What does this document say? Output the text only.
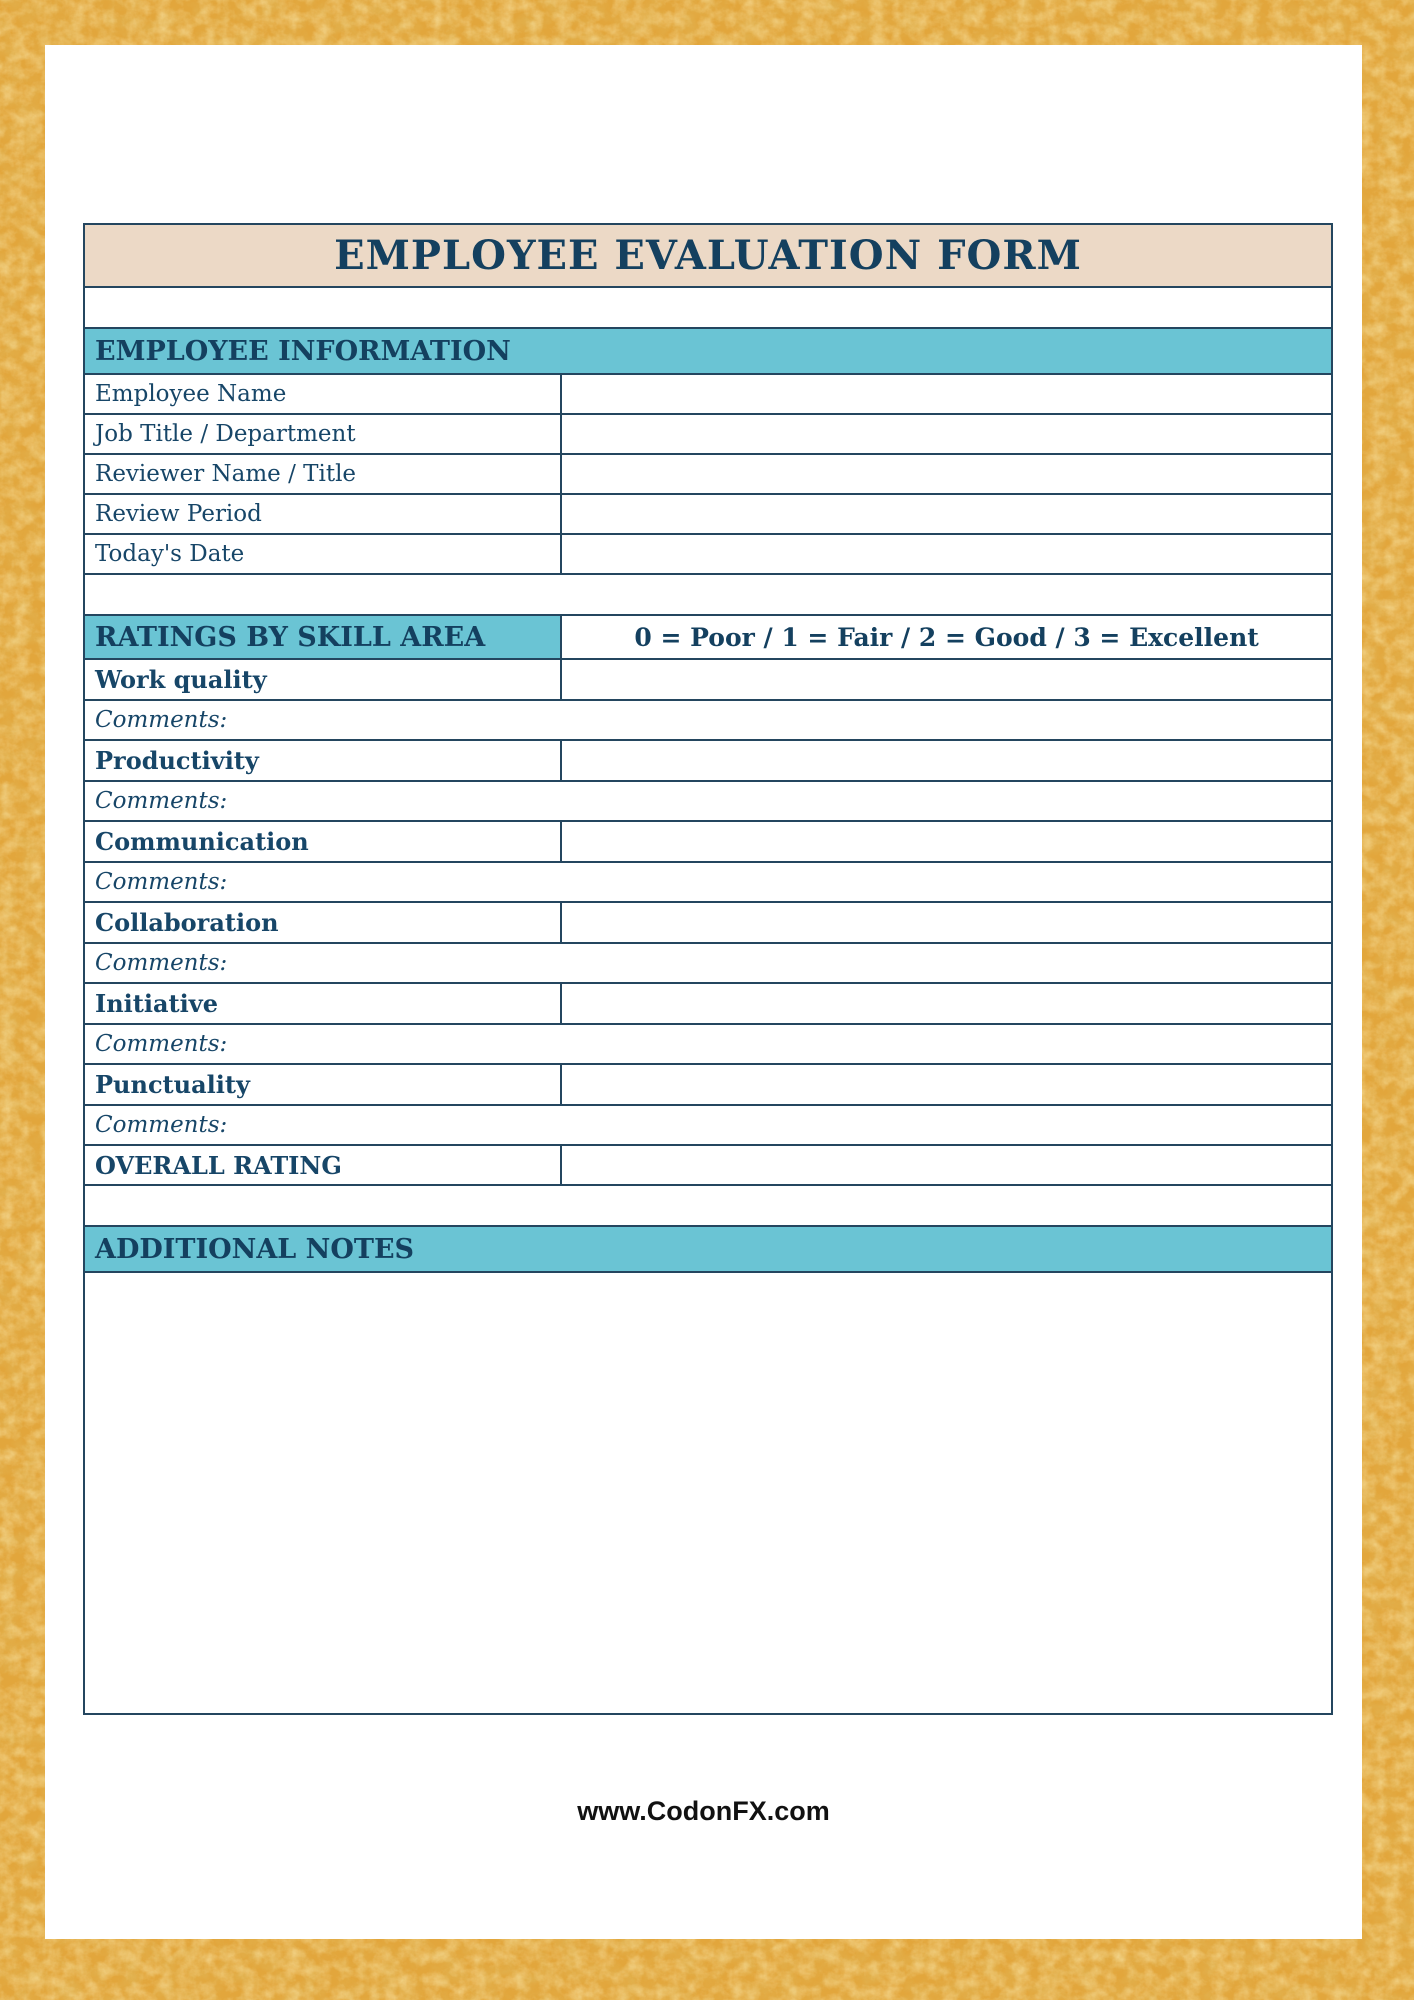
EMPLOYEE EVALUATION FORM
EMPLOYEE INFORMATION
Employee Name
Job Title / Department
Reviewer Name / Title
Review Period
Today's Date
RATINGS BY SKILL AREA	0 = Poor / 1 = Fair / 2 = Good / 3 = Excellent
Work quality
Comments:
Productivity
Comments:
Communication
Comments:
Collaboration
Comments:
Initiative
Comments:
Punctuality
Comments:
OVERALL RATING
ADDITIONAL NOTES
www.CodonFX.com
